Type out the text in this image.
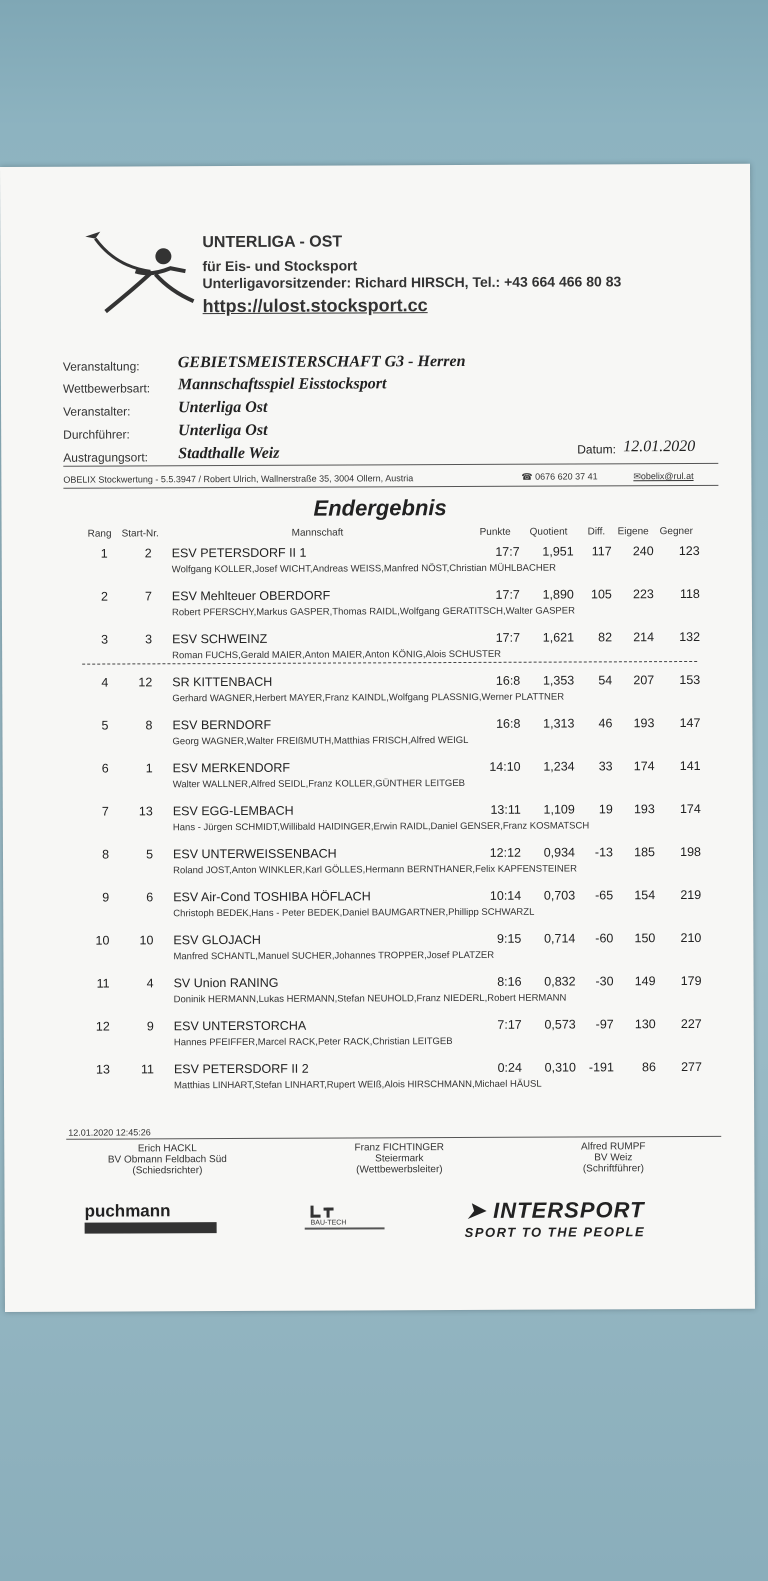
UNTERLIGA - OST
für Eis- und Stocksport
Unterligavorsitzender: Richard HIRSCH, Tel.: +43 664 466 80 83
https://ulost.stocksport.cc
Veranstaltung: GEBIETSMEISTERSCHAFT G3 - Herren
Wettbewerbsart: Mannschaftsspiel Eisstocksport
Veranstalter:	Unterliga Ost
Durchführer:	Unterliga Ost
Austragungsort: Stadthalle Weiz	Datum: 12.01.2020
OBELIX Stockwertung - 5.5.3947 / Robert Ulrich, Wallnerstraße 35, 3004 Ollern, Austria	☎ 0676 620 37 41	✉obelix@rul.at
Endergebnis
Rang Start-Nr.	Mannschaft	Punkte Quotient Diff. Eigene Gegner
1	2 ESV PETERSDORF II 1	17:7	1,951	117	240	123
Wolfgang KOLLER,Josef WICHT,Andreas WEISS,Manfred NÖST,Christian MÜHLBACHER
2	7 ESV Mehlteuer OBERDORF	17:7	1,890	105	223	118
Robert PFERSCHY,Markus GASPER,Thomas RAIDL,Wolfgang GERATITSCH,Walter GASPER
3	3 ESV SCHWEINZ	17:7	1,621	82	214	132
Roman FUCHS,Gerald MAIER,Anton MAIER,Anton KÖNIG,Alois SCHUSTER
4	12 SR KITTENBACH	16:8	1,353	54	207	153
Gerhard WAGNER,Herbert MAYER,Franz KAINDL,Wolfgang PLASSNIG,Werner PLATTNER
5	8 ESV BERNDORF	16:8	1,313	46	193	147
Georg WAGNER,Walter FREIßMUTH,Matthias FRISCH,Alfred WEIGL
6	1 ESV MERKENDORF	14:10	1,234	33	174	141
Walter WALLNER,Alfred SEIDL,Franz KOLLER,GÜNTHER LEITGEB
7	13 ESV EGG-LEMBACH	13:11	1,109	19	193	174
Hans - Jürgen SCHMIDT,Willibald HAIDINGER,Erwin RAIDL,Daniel GENSER,Franz KOSMATSCH
8	5 ESV UNTERWEISSENBACH	12:12	0,934	-13	185	198
Roland JOST,Anton WINKLER,Karl GÖLLES,Hermann BERNTHANER,Felix KAPFENSTEINER
9	6 ESV Air-Cond TOSHIBA HÖFLACH	10:14	0,703	-65	154	219
Christoph BEDEK,Hans - Peter BEDEK,Daniel BAUMGARTNER,Phillipp SCHWARZL
10	10 ESV GLOJACH	9:15	0,714	-60	150	210
Manfred SCHANTL,Manuel SUCHER,Johannes TROPPER,Josef PLATZER
11	4 SV Union RANING	8:16	0,832	-30	149	179
Doninik HERMANN,Lukas HERMANN,Stefan NEUHOLD,Franz NIEDERL,Robert HERMANN
12	9 ESV UNTERSTORCHA	7:17	0,573	-97	130	227
Hannes PFEIFFER,Marcel RACK,Peter RACK,Christian LEITGEB
13	11 ESV PETERSDORF II 2	0:24	0,310	-191	86	277
Matthias LINHART,Stefan LINHART,Rupert WEIß,Alois HIRSCHMANN,Michael HÄUSL
12.01.2020 12:45:26
Erich HACKL
BV Obmann Feldbach Süd
(Schiedsrichter)
Franz FICHTINGER
Steiermark
(Wettbewerbsleiter)
Alfred RUMPF
BV Weiz
(Schriftführer)
puchmann
BAU-TECH
➤ INTERSPORT
SPORT TO THE PEOPLE
